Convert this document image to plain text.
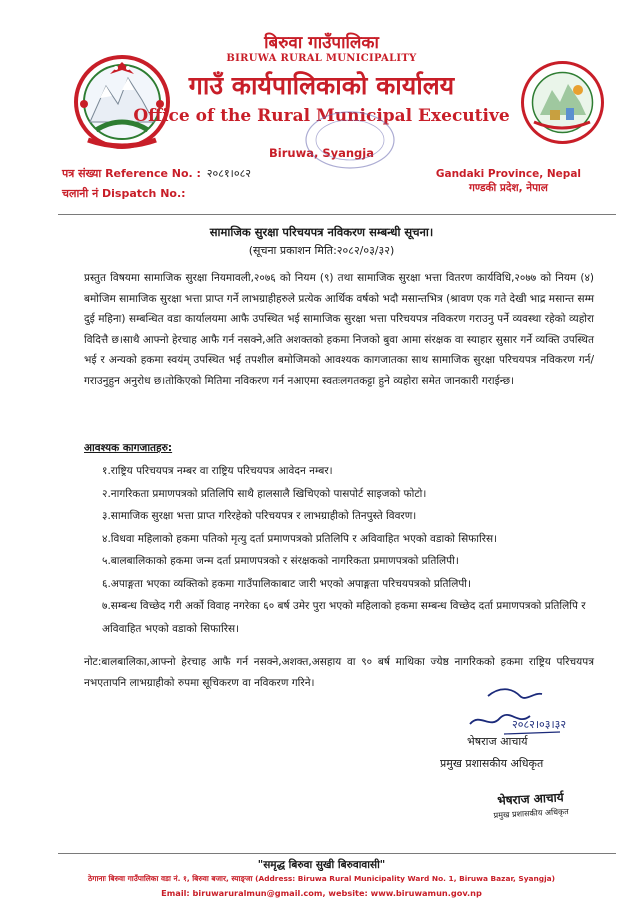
बिरुवा गाउँपालिका
BIRUWA RURAL MUNICIPALITY
गाउँ कार्यपालिकाको कार्यालय
Office of the Rural Municipal Executive
Biruwa, Syangja
पत्र संख्या Reference No. : २०८१।०८२
चलानी नं Dispatch No.:
Gandaki Province, Nepal
गण्डकी प्रदेश, नेपाल
सामाजिक सुरक्षा परिचयपत्र नविकरण सम्बन्धी सूचना।
(सूचना प्रकाशन मिति:२०८२/०३/३२)

प्रस्तुत विषयमा सामाजिक सुरक्षा नियमावली,२०७६ को नियम (९) तथा सामाजिक सुरक्षा भत्ता वितरण कार्यविधि,२०७७ को नियम (४) बमोजिम सामाजिक सुरक्षा भत्ता प्राप्त गर्ने लाभग्राहीहरुले प्रत्येक आर्थिक वर्षको भदौ मसान्तभित्र (श्रावण एक गते देखी भाद्र मसान्त सम्म दुई महिना) सम्बन्धित वडा कार्यालयमा आफै उपस्थित भई सामाजिक सुरक्षा भत्ता परिचयपत्र नविकरण गराउनु पर्ने व्यवस्था रहेको व्यहोरा विदित्तै छ।साथै आफ्नो हेरचाह आफै गर्न नसक्ने,अति अशक्तको हकमा निजको बुवा आमा संरक्षक वा स्याहार सुसार गर्ने व्यक्ति उपस्थित भई र अन्यको हकमा स्वयंम् उपस्थित भई तपशील बमोजिमको आवश्यक कागजातका साथ सामाजिक सुरक्षा परिचयपत्र नविकरण गर्न/गराउनुहुन अनुरोध छ।तोकिएको मितिमा नविकरण गर्न नआएमा स्वतःलगतकट्टा हुने व्यहोरा समेत जानकारी गराईन्छ।

आवश्यक कागजातहरु:
१.राष्ट्रिय परिचयपत्र नम्बर वा राष्ट्रिय परिचयपत्र आवेदन नम्बर।
२.नागरिकता प्रमाणपत्रको प्रतिलिपि साथै हालसालै खिचिएको पासपोर्ट साइजको फोटो।
३.सामाजिक सुरक्षा भत्ता प्राप्त गरिरहेको परिचयपत्र र लाभग्राहीको तिनपुस्ते विवरण।
४.विधवा महिलाको हकमा पतिको मृत्यु दर्ता प्रमाणपत्रको प्रतिलिपि र अविवाहित भएको वडाको सिफारिस।
५.बालबालिकाको हकमा जन्म दर्ता प्रमाणपत्रको र संरक्षकको नागरिकता प्रमाणपत्रको प्रतिलिपी।
६.अपाङ्गता भएका व्यक्तिको हकमा गाउँपालिकाबाट जारी भएको अपाङ्गता परिचयपत्रको प्रतिलिपी।
७.सम्बन्ध विच्छेद गरी अर्को विवाह नगरेका ६० बर्ष उमेर पुरा भएको महिलाको हकमा सम्बन्ध विच्छेद दर्ता प्रमाणपत्रको प्रतिलिपि र अविवाहित भएको वडाको सिफारिस।

नोट:बालबालिका,आफ्नो हेरचाह आफै गर्न नसक्ने,अशक्त,असहाय वा ९० बर्ष माथिका ज्येष्ठ नागरिकको हकमा राष्ट्रिय परिचयपत्र नभएतापनि लाभग्राहीको रुपमा सूचिकरण वा नविकरण गरिने।

२०८२।०३।३२
भेषराज आचार्य
प्रमुख प्रशासकीय अधिकृत
भेषराज आचार्य
प्रमुख प्रशासकीय अधिकृत
"समृद्ध बिरुवा सुखी बिरुवावासी"
ठेगानाः बिरुवा गाउँपालिका वडा नं. १, बिरुवा बजार, स्याङ्जा (Address: Biruwa Rural Municipality Ward No. 1, Biruwa Bazar, Syangja)
Email: biruwaruralmun@gmail.com, website: www.biruwamun.gov.np
